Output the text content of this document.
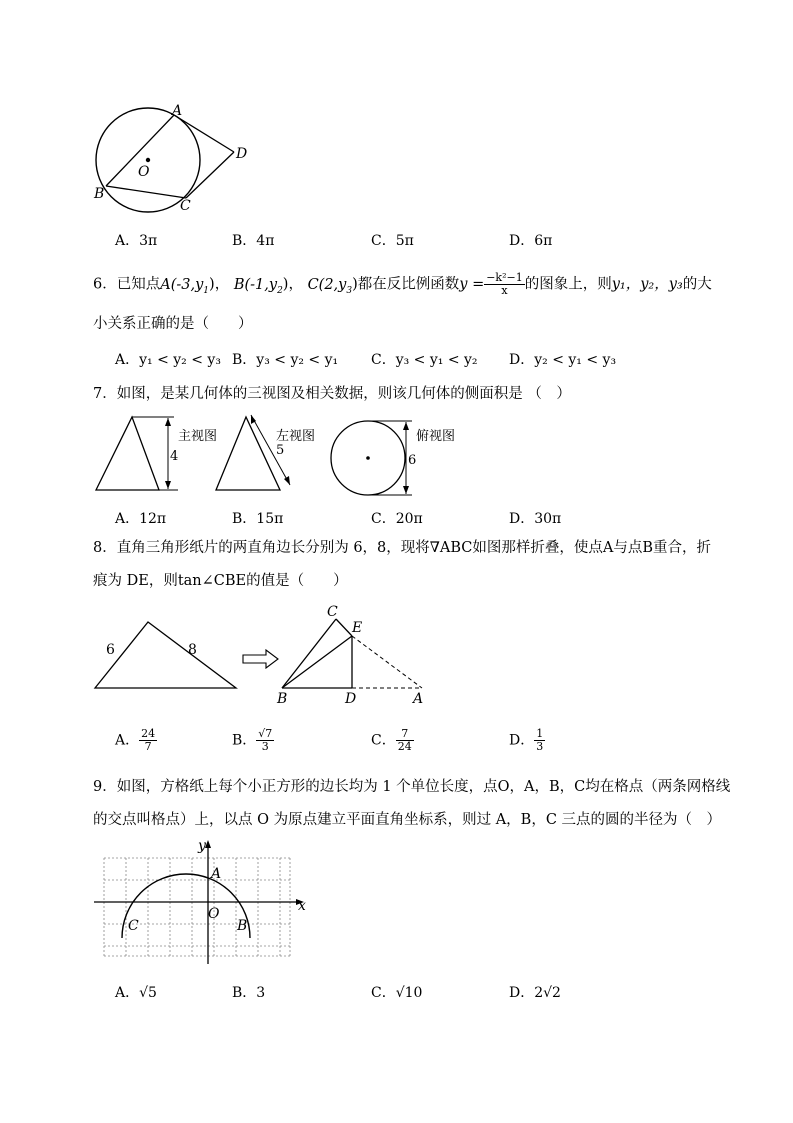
A
D
B
C
O
A．3π	B．4π	C．5π	D．6π
6．已知点$A(-3,y_1)$， $B(-1,y_2)$， $C(2,y_3)$都在反比例函数$y = \frac{\text{−k²−1}}{x}$ 的图象上，则y₁，y₂，y₃的大
小关系正确的是（　　）
A．y₁ < y₂ < y₃ B．y₃ < y₂ < y₁ C．y₃ < y₁ < y₂ D．y₂ < y₁ < y₃
7．如图，是某几何体的三视图及相关数据，则该几何体的侧面积是 （　）
4
主视图
5
左视图
6
俯视图
A．12π	B．15π	C．20π	D．30π
8．直角三角形纸片的两直角边长分别为 6，8，现将∇ABC如图那样折叠，使点A与点B重合，折
痕为 DE，则tan∠CBE的值是（　　）
6	8
C
E
B	D	A
A． $\frac{24}{7}$	B． $\frac{√7}{3}$	C． $\frac{7}{24}$	D． $\frac{1}{3}$
9．如图，方格纸上每个小正方形的边长均为 1 个单位长度，点O，A，B，C均在格点（两条网格线
的交点叫格点）上，以点 O 为原点建立平面直角坐标系，则过 A，B，C 三点的圆的半径为（　）
y
x
A
O
B
C
A．√5	B．3	C．√10	D．2√2
